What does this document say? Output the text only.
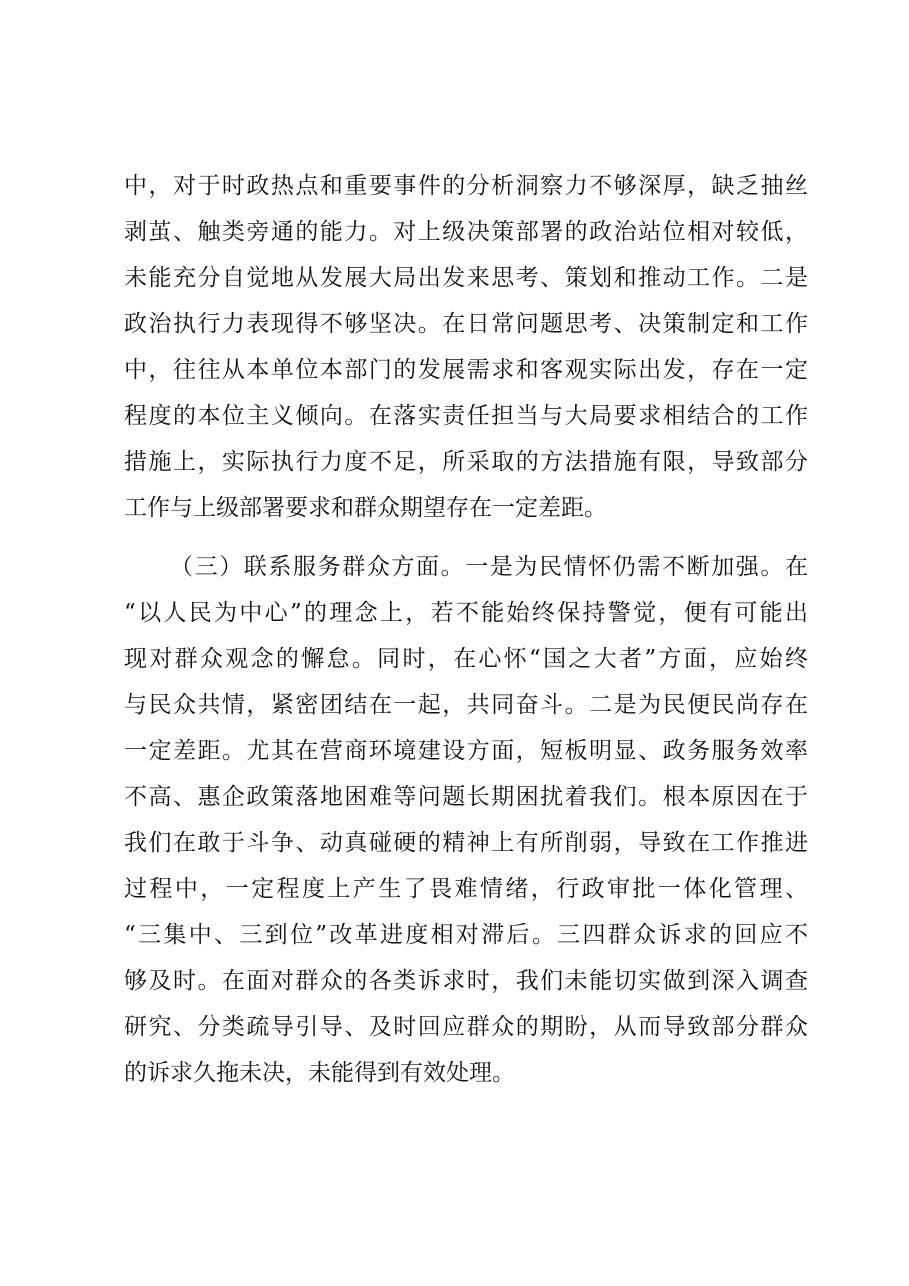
中，对于时政热点和重要事件的分析洞察力不够深厚，缺乏抽丝
剥茧、触类旁通的能力。对上级决策部署的政治站位相对较低，
未能充分自觉地从发展大局出发来思考、策划和推动工作。二是
政治执行力表现得不够坚决。在日常问题思考、决策制定和工作
中，往往从本单位本部门的发展需求和客观实际出发，存在一定
程度的本位主义倾向。在落实责任担当与大局要求相结合的工作
措施上，实际执行力度不足，所采取的方法措施有限，导致部分
工作与上级部署要求和群众期望存在一定差距。
（三）联系服务群众方面。一是为民情怀仍需不断加强。在
“以人民为中心”的理念上，若不能始终保持警觉，便有可能出
现对群众观念的懈怠。同时，在心怀“国之大者”方面，应始终
与民众共情，紧密团结在一起，共同奋斗。二是为民便民尚存在
一定差距。尤其在营商环境建设方面，短板明显、政务服务效率
不高、惠企政策落地困难等问题长期困扰着我们。根本原因在于
我们在敢于斗争、动真碰硬的精神上有所削弱，导致在工作推进
过程中，一定程度上产生了畏难情绪，行政审批一体化管理、
“三集中、三到位”改革进度相对滞后。三四群众诉求的回应不
够及时。在面对群众的各类诉求时，我们未能切实做到深入调查
研究、分类疏导引导、及时回应群众的期盼，从而导致部分群众
的诉求久拖未决，未能得到有效处理。
